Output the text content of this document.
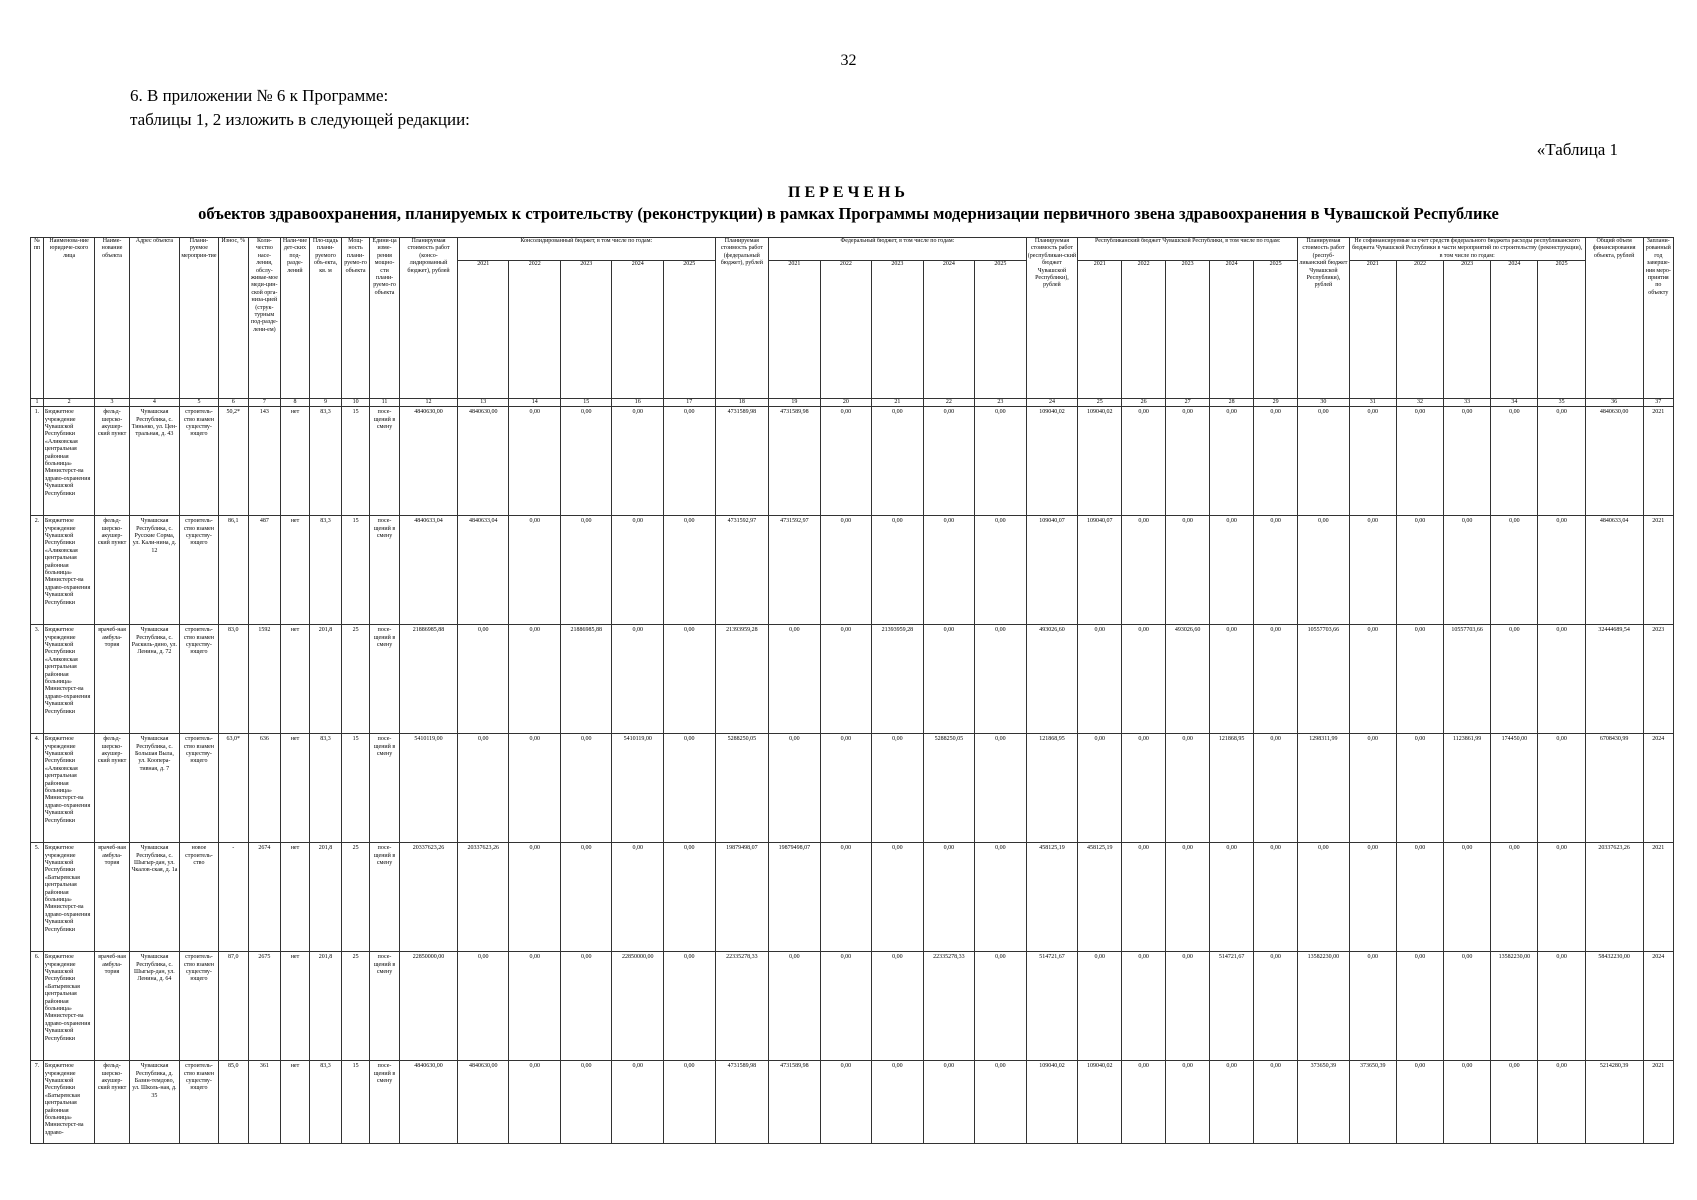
32
6. В приложении № 6 к Программе:
таблицы 1, 2 изложить в следующей редакции:
«Таблица 1
ПЕРЕЧЕНЬ
объектов здравоохранения, планируемых к строительству (реконструкции) в рамках Программы модернизации первичного звена здравоохранения в Чувашской Республике
№ пп	Наименова-ние юридиче-ского лица	Наиме-нование объекта	Адрес объекта	Плани-руемое мероприя-тие	Износ, %	Коли-чество насе-ления, обслу-живае-мое меди-цин-ской орга-низа-цией (струк-турным под-разде-лени-ем)	Нали-чие дет-ских под-разде-лений	Пло-щадь плани-руемого объ-екта, кв. м	Мощ-ность плани-руемо-го объекта	Едини-ца изме-рения мощно-сти плани-руемо-го объекта	Планируемая стоимость работ (консо-лидированный бюджет), рублей	Консолидированный бюджет, в том числе по годам:					Планируемая стоимость работ (федеральный бюджет), рублей	Федеральный бюджет, в том числе по годам:					Планируемая стоимость работ (республикан-ский бюджет Чувашской Республики), рублей	Республиканский бюджет Чувашской Республики, в том числе по годам:					Планируемая стоимость работ (респуб-ликанский бюджет Чувашской Республики), рублей	Не софинансируемые за счет средств федерального бюджета расходы республиканского бюджета Чувашской Республики в части мероприятий по строительству (реконструкции), в том числе по годам:					Общий объем финансирования объекта, рублей	Заплани-рованный год заверше-ния меро-приятия по объекту
												2021	2022	2023	2024	2025		2021	2022	2023	2024	2025		2021	2022	2023	2024	2025		2021	2022	2023	2024	2025		
1	2	3	4	5	6	7	8	9	10	11	12	13	14	15	16	17	18	19	20	21	22	23	24	25	26	27	28	29	30	31	32	33	34	35	36	37
1.	Бюджетное учреждение Чувашской Республики «Аликовская центральная районная больница» Министерст-ва здраво-охранения Чувашской Республики	фельд-шерско-акушер-ский пункт	Чувашская Республика, с. Тиньнко, ул. Цен-тральная, д. 43	строитель-ство взамен существу-ющего	50,2*	143	нет	83,3	15	посе-щений в смену	4840630,00	4840630,00	0,00	0,00	0,00	0,00	4731589,98	4731589,98	0,00	0,00	0,00	0,00	109040,02	109040,02	0,00	0,00	0,00	0,00	0,00	0,00	0,00	0,00	0,00	0,00	4840630,00	2021
2.	Бюджетное учреждение Чувашской Республики «Аликовская центральная районная больница» Министерст-ва здраво-охранения Чувашской Республики	фельд-шерско-акушер-ский пункт	Чувашская Республика, с. Русские Сорма, ул. Кали-нина, д. 12	строитель-ство взамен существу-ющего	86,1	487	нет	83,3	15	посе-щений в смену	4840633,04	4840633,04	0,00	0,00	0,00	0,00	4731592,97	4731592,97	0,00	0,00	0,00	0,00	109040,07	109040,07	0,00	0,00	0,00	0,00	0,00	0,00	0,00	0,00	0,00	0,00	4840633,04	2021
3.	Бюджетное учреждение Чувашской Республики «Аликовская центральная районная больница» Министерст-ва здраво-охранения Чувашской Республики	врачеб-ная амбула-тория	Чувашская Республика, с. Раскиль-дино, ул. Ленина, д. 72	строитель-ство взамен существу-ющего	83,0	1592	нет	201,8	25	посе-щений в смену	21886985,88	0,00	0,00	21886985,88	0,00	0,00	21393959,28	0,00	0,00	21393959,28	0,00	0,00	493026,60	0,00	0,00	493026,60	0,00	0,00	10557703,66	0,00	0,00	10557703,66	0,00	0,00	32444689,54	2023
4.	Бюджетное учреждение Чувашской Республики «Аликовская центральная районная больница» Министерст-ва здраво-охранения Чувашской Республики	фельд-шерско-акушер-ский пункт	Чувашская Республика, с. Большая Выла, ул. Коопера-тивная, д. 7	строитель-ство взамен существу-ющего	63,0*	636	нет	83,3	15	посе-щений в смену	5410119,00	0,00	0,00	0,00	5410119,00	0,00	5288250,05	0,00	0,00	0,00	5288250,05	0,00	121868,95	0,00	0,00	0,00	121868,95	0,00	1298311,99	0,00	0,00	1123861,99	174450,00	0,00	6708430,99	2024
5.	Бюджетное учреждение Чувашской Республики «Батыревская центральная районная больница» Министерст-ва здраво-охранения Чувашской Республики	врачеб-ная амбула-тория	Чувашская Республика, с. Шыгыр-дан, ул. Чкалов-ская, д. 1а	новое строитель-ство	-	2674	нет	201,8	25	посе-щений в смену	20337623,26	20337623,26	0,00	0,00	0,00	0,00	19879498,07	19879498,07	0,00	0,00	0,00	0,00	458125,19	458125,19	0,00	0,00	0,00	0,00	0,00	0,00	0,00	0,00	0,00	0,00	20337623,26	2021
6.	Бюджетное учреждение Чувашской Республики «Батыревская центральная районная больница» Министерст-ва здраво-охранения Чувашской Республики	врачеб-ная амбула-тория	Чувашская Республика, с. Шыгыр-дан, ул. Ленина, д. 64	строитель-ство взамен существу-ющего	87,0	2675	нет	201,8	25	посе-щений в смену	22850000,00	0,00	0,00	0,00	22850000,00	0,00	22335278,33	0,00	0,00	0,00	22335278,33	0,00	514721,67	0,00	0,00	0,00	514721,67	0,00	13582230,00	0,00	0,00	0,00	13582230,00	0,00	58432230,00	2024
7.	Бюджетное учреждение Чувашской Республики «Батыревская центральная районная больница» Министерст-ва здраво-	фельд-шерско-акушер-ский пункт	Чувашская Республика, д. Базин-темдово, ул. Школь-ная, д. 35	строитель-ство взамен существу-ющего	85,0	361	нет	83,3	15	посе-щений в смену	4840630,00	4840630,00	0,00	0,00	0,00	0,00	4731589,98	4731589,98	0,00	0,00	0,00	0,00	109040,02	109040,02	0,00	0,00	0,00	0,00	373650,39	373650,39	0,00	0,00	0,00	0,00	5214280,39	2021
